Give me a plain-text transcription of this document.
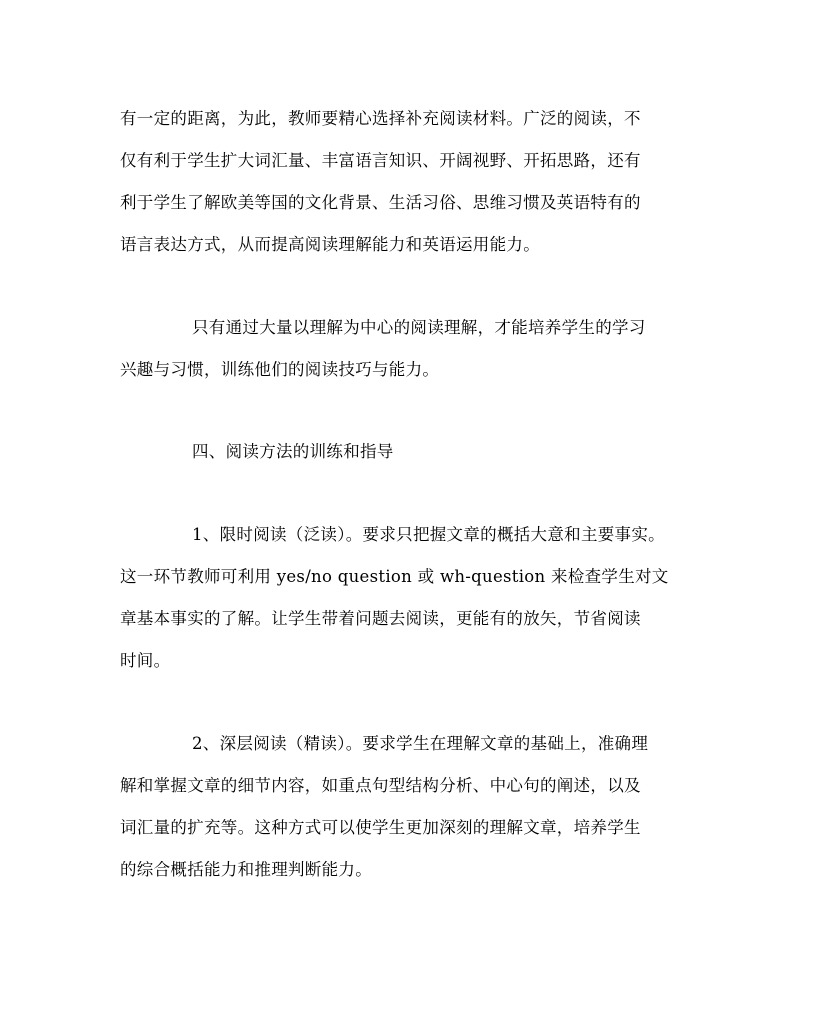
有一定的距离，为此，教师要精心选择补充阅读材料。广泛的阅读，不
仅有利于学生扩大词汇量、丰富语言知识、开阔视野、开拓思路，还有
利于学生了解欧美等国的文化背景、生活习俗、思维习惯及英语特有的
语言表达方式，从而提高阅读理解能力和英语运用能力。
只有通过大量以理解为中心的阅读理解，才能培养学生的学习
兴趣与习惯，训练他们的阅读技巧与能力。
四、阅读方法的训练和指导
1、限时阅读（泛读）。要求只把握文章的概括大意和主要事实。
这一环节教师可利用 yes/no question 或 wh-question 来检查学生对文
章基本事实的了解。让学生带着问题去阅读，更能有的放矢，节省阅读
时间。
2、深层阅读（精读）。要求学生在理解文章的基础上，准确理
解和掌握文章的细节内容，如重点句型结构分析、中心句的阐述，以及
词汇量的扩充等。这种方式可以使学生更加深刻的理解文章，培养学生
的综合概括能力和推理判断能力。
